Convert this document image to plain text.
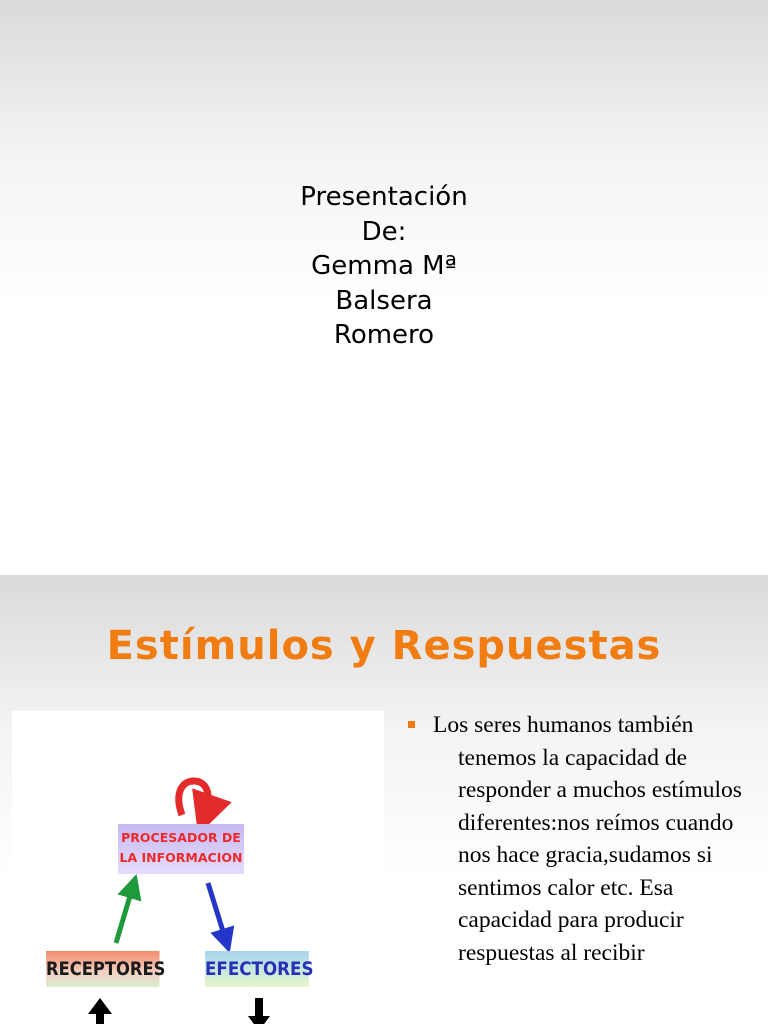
Presentación
De:
Gemma Mª
Balsera
Romero
Estímulos y Respuestas
PROCESADOR DE
LA INFORMACION
RECEPTORES EFECTORES
Los seres humanos también tenemos la capacidad de responder a muchos estímulos diferentes:nos reímos cuando nos hace gracia,sudamos si sentimos calor etc. Esa capacidad para producir respuestas al recibir
